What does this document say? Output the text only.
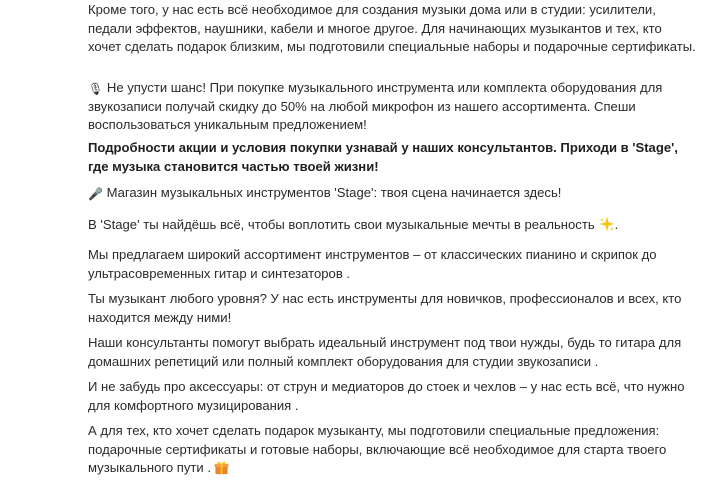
Кроме того, у нас есть всё необходимое для создания музыки дома или в студии: усилители, педали эффектов, наушники, кабели и многое другое. Для начинающих музыкантов и тех, кто хочет сделать подарок близким, мы подготовили специальные наборы и подарочные сертификаты.

🎙 Не упусти шанс! При покупке музыкального инструмента или комплекта оборудования для звукозаписи получай скидку до 50% на любой микрофон из нашего ассортимента. Спеши воспользоваться уникальным предложением!

Подробности акции и условия покупки узнавай у наших консультантов. Приходи в 'Stage', где музыка становится частью твоей жизни!

🎤 Магазин музыкальных инструментов 'Stage': твоя сцена начинается здесь!

В 'Stage' ты найдёшь всё, чтобы воплотить свои музыкальные мечты в реальность .

Мы предлагаем широкий ассортимент инструментов – от классических пианино и скрипок до ультрасовременных гитар и синтезаторов .

Ты музыкант любого уровня? У нас есть инструменты для новичков, профессионалов и всех, кто находится между ними!

Наши консультанты помогут выбрать идеальный инструмент под твои нужды, будь то гитара для домашних репетиций или полный комплект оборудования для студии звукозаписи .

И не забудь про аксессуары: от струн и медиаторов до стоек и чехлов – у нас есть всё, что нужно для комфортного музицирования .

А для тех, кто хочет сделать подарок музыканту, мы подготовили специальные предложения: подарочные сертификаты и готовые наборы, включающие всё необходимое для старта твоего музыкального пути .
